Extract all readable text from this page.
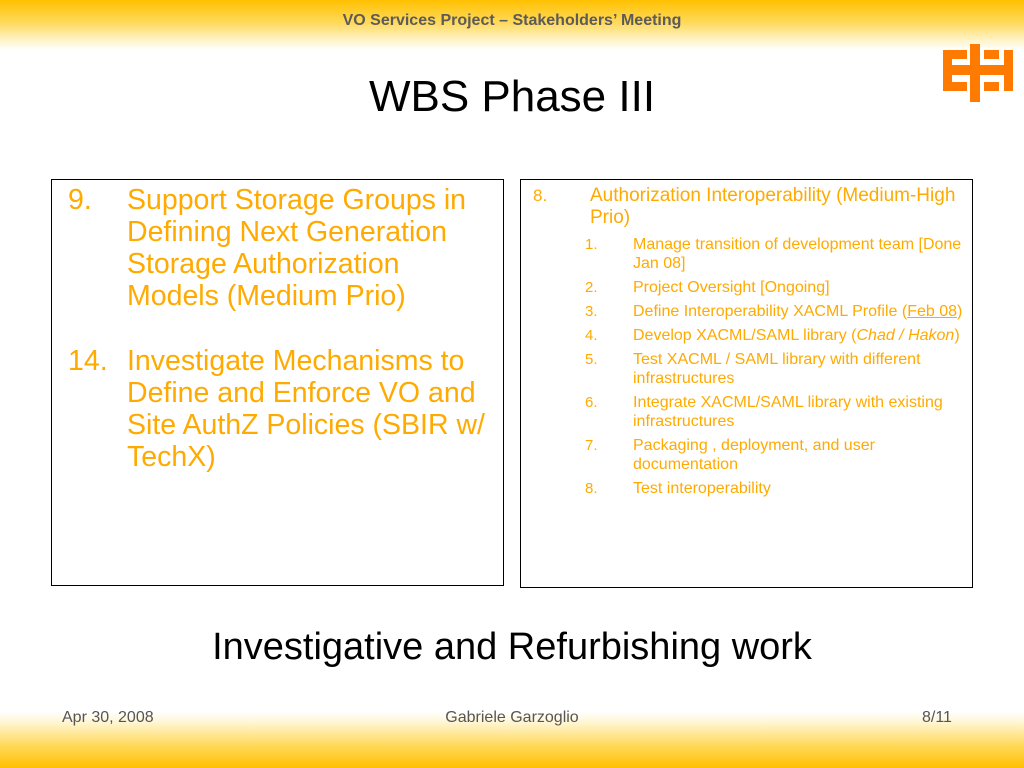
VO Services Project – Stakeholders’ Meeting
WBS Phase III
9. Support Storage Groups in Defining Next Generation Storage Authorization Models (Medium Prio)
14. Investigate Mechanisms to Define and Enforce VO and Site AuthZ Policies (SBIR w/ TechX)
8. Authorization Interoperability (Medium-High Prio)
1. Manage transition of development team [Done Jan 08]
2. Project Oversight [Ongoing]
3. Define Interoperability XACML Profile (Feb 08)
4. Develop XACML/SAML library (Chad / Hakon)
5. Test XACML / SAML library with different infrastructures
6. Integrate XACML/SAML library with existing infrastructures
7. Packaging , deployment, and user documentation
8. Test interoperability
Investigative and Refurbishing work
Apr 30, 2008	Gabriele Garzoglio	8/11
